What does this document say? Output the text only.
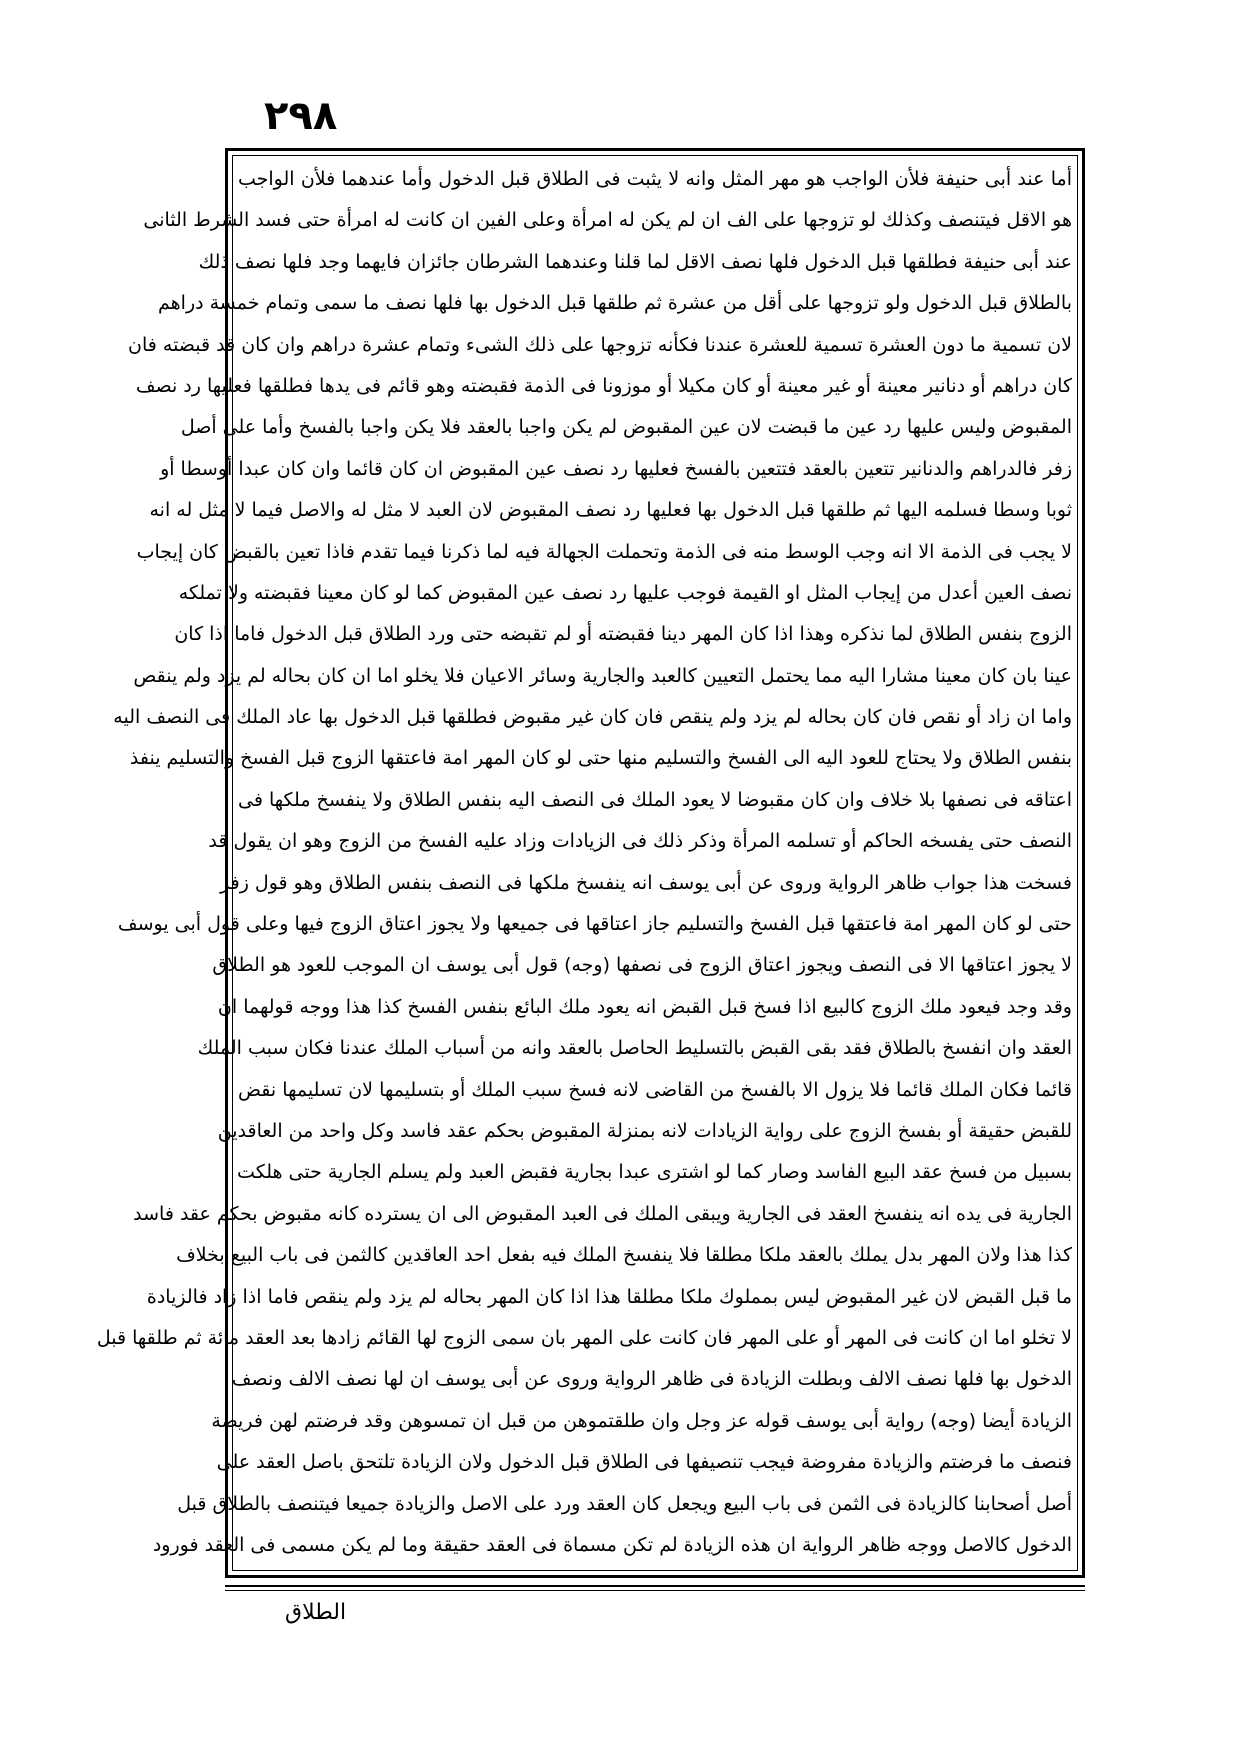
٢٩٨
أما عند أبى حنيفة فلأن الواجب هو مهر المثل وانه لا يثبت فى الطلاق قبل الدخول وأما عندهما فلأن الواجب
هو الاقل فيتنصف وكذلك لو تزوجها على الف ان لم يكن له امرأة وعلى الفين ان كانت له امرأة حتى فسد الشرط الثانى
عند أبى حنيفة فطلقها قبل الدخول فلها نصف الاقل لما قلنا وعندهما الشرطان جائزان فايهما وجد فلها نصف ذلك
بالطلاق قبل الدخول ولو تزوجها على أقل من عشرة ثم طلقها قبل الدخول بها فلها نصف ما سمى وتمام خمسة دراهم
لان تسمية ما دون العشرة تسمية للعشرة عندنا فكأنه تزوجها على ذلك الشىء وتمام عشرة دراهم وان كان قد قبضته فان
كان دراهم أو دنانير معينة أو غير معينة أو كان مكيلا أو موزونا فى الذمة فقبضته وهو قائم فى يدها فطلقها فعليها رد نصف
المقبوض وليس عليها رد عين ما قبضت لان عين المقبوض لم يكن واجبا بالعقد فلا يكن واجبا بالفسخ وأما على أصل
زفر فالدراهم والدنانير تتعين بالعقد فتتعين بالفسخ فعليها رد نصف عين المقبوض ان كان قائما وان كان عبدا أوسطا أو
ثوبا وسطا فسلمه اليها ثم طلقها قبل الدخول بها فعليها رد نصف المقبوض لان العبد لا مثل له والاصل فيما لا مثل له انه
لا يجب فى الذمة الا انه وجب الوسط منه فى الذمة وتحملت الجهالة فيه لما ذكرنا فيما تقدم فاذا تعين بالقبض كان إيجاب
نصف العين أعدل من إيجاب المثل او القيمة فوجب عليها رد نصف عين المقبوض كما لو كان معينا فقبضته ولا تملكه
الزوج بنفس الطلاق لما نذكره وهذا اذا كان المهر دينا فقبضته أو لم تقبضه حتى ورد الطلاق قبل الدخول فاما اذا كان
عينا بان كان معينا مشارا اليه مما يحتمل التعيين كالعبد والجارية وسائر الاعيان فلا يخلو اما ان كان بحاله لم يزد ولم ينقص
واما ان زاد أو نقص فان كان بحاله لم يزد ولم ينقص فان كان غير مقبوض فطلقها قبل الدخول بها عاد الملك فى النصف اليه
بنفس الطلاق ولا يحتاج للعود اليه الى الفسخ والتسليم منها حتى لو كان المهر امة فاعتقها الزوج قبل الفسخ والتسليم ينفذ
اعتاقه فى نصفها بلا خلاف وان كان مقبوضا لا يعود الملك فى النصف اليه بنفس الطلاق ولا ينفسخ ملكها فى
النصف حتى يفسخه الحاكم أو تسلمه المرأة وذكر ذلك فى الزيادات وزاد عليه الفسخ من الزوج وهو ان يقول قد
فسخت هذا جواب ظاهر الرواية وروى عن أبى يوسف انه ينفسخ ملكها فى النصف بنفس الطلاق وهو قول زفر
حتى لو كان المهر امة فاعتقها قبل الفسخ والتسليم جاز اعتاقها فى جميعها ولا يجوز اعتاق الزوج فيها وعلى قول أبى يوسف
لا يجوز اعتاقها الا فى النصف ويجوز اعتاق الزوج فى نصفها (وجه) قول أبى يوسف ان الموجب للعود هو الطلاق
وقد وجد فيعود ملك الزوج كالبيع اذا فسخ قبل القبض انه يعود ملك البائع بنفس الفسخ كذا هذا ووجه قولهما ان
العقد وان انفسخ بالطلاق فقد بقى القبض بالتسليط الحاصل بالعقد وانه من أسباب الملك عندنا فكان سبب الملك
قائما فكان الملك قائما فلا يزول الا بالفسخ من القاضى لانه فسخ سبب الملك أو بتسليمها لان تسليمها نقض
للقبض حقيقة أو بفسخ الزوج على رواية الزيادات لانه بمنزلة المقبوض بحكم عقد فاسد وكل واحد من العاقدين
بسبيل من فسخ عقد البيع الفاسد وصار كما لو اشترى عبدا بجارية فقبض العبد ولم يسلم الجارية حتى هلكت
الجارية فى يده انه ينفسخ العقد فى الجارية ويبقى الملك فى العبد المقبوض الى ان يسترده كانه مقبوض بحكم عقد فاسد
كذا هذا ولان المهر بدل يملك بالعقد ملكا مطلقا فلا ينفسخ الملك فيه بفعل احد العاقدين كالثمن فى باب البيع بخلاف
ما قبل القبض لان غير المقبوض ليس بمملوك ملكا مطلقا هذا اذا كان المهر بحاله لم يزد ولم ينقص فاما اذا زاد فالزيادة
لا تخلو اما ان كانت فى المهر أو على المهر فان كانت على المهر بان سمى الزوج لها القائم زادها بعد العقد مائة ثم طلقها قبل
الدخول بها فلها نصف الالف وبطلت الزيادة فى ظاهر الرواية وروى عن أبى يوسف ان لها نصف الالف ونصف
الزيادة أيضا (وجه) رواية أبى يوسف قوله عز وجل وان طلقتموهن من قبل ان تمسوهن وقد فرضتم لهن فريضة
فنصف ما فرضتم والزيادة مفروضة فيجب تنصيفها فى الطلاق قبل الدخول ولان الزيادة تلتحق باصل العقد على
أصل أصحابنا كالزيادة فى الثمن فى باب البيع ويجعل كان العقد ورد على الاصل والزيادة جميعا فيتنصف بالطلاق قبل
الدخول كالاصل ووجه ظاهر الرواية ان هذه الزيادة لم تكن مسماة فى العقد حقيقة وما لم يكن مسمى فى العقد فورود
الطلاق
